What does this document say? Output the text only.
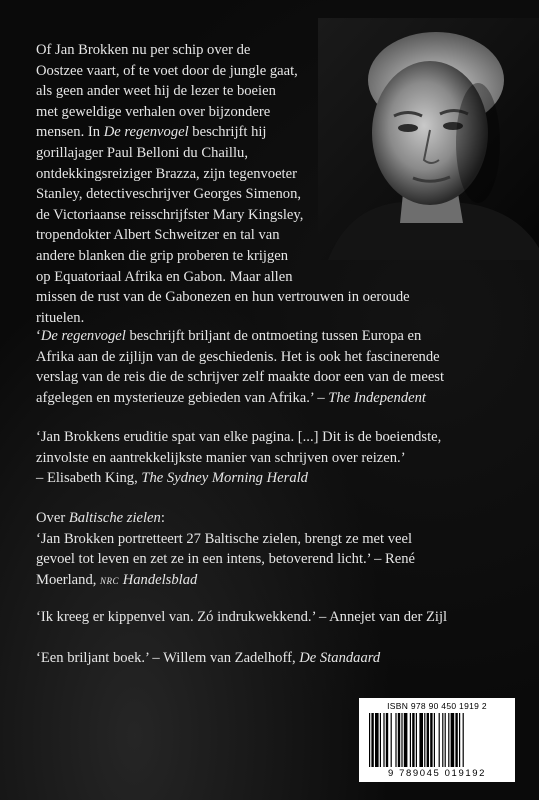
Of Jan Brokken nu per schip over de
Oostzee vaart, of te voet door de jungle gaat,
als geen ander weet hij de lezer te boeien
met geweldige verhalen over bijzondere
mensen. In De regenvogel beschrijft hij
gorillajager Paul Belloni du Chaillu,
ontdekkingsreiziger Brazza, zijn tegenvoeter
Stanley, detectiveschrijver Georges Simenon,
de Victoriaanse reisschrijfster Mary Kingsley,
tropendokter Albert Schweitzer en tal van
andere blanken die grip proberen te krijgen
op Equatoriaal Afrika en Gabon. Maar allen
missen de rust van de Gabonezen en hun vertrouwen in oeroude
rituelen.
‘De regenvogel beschrijft briljant de ontmoeting tussen Europa en
Afrika aan de zijlijn van de geschiedenis. Het is ook het fascinerende
verslag van de reis die de schrijver zelf maakte door een van de meest
afgelegen en mysterieuze gebieden van Afrika.’ – The Independent
‘Jan Brokkens eruditie spat van elke pagina. [...] Dit is de boeiendste,
zinvolste en aantrekkelijkste manier van schrijven over reizen.’
– Elisabeth King, The Sydney Morning Herald
Over Baltische zielen:
‘Jan Brokken portretteert 27 Baltische zielen, brengt ze met veel
gevoel tot leven en zet ze in een intens, betoverend licht.’ – René
Moerland, NRC Handelsblad
‘Ik kreeg er kippenvel van. Zó indrukwekkend.’ – Annejet van der Zijl
‘Een briljant boek.’ – Willem van Zadelhoff, De Standaard
ISBN 978 90 450 1919 2
9 789045 019192
